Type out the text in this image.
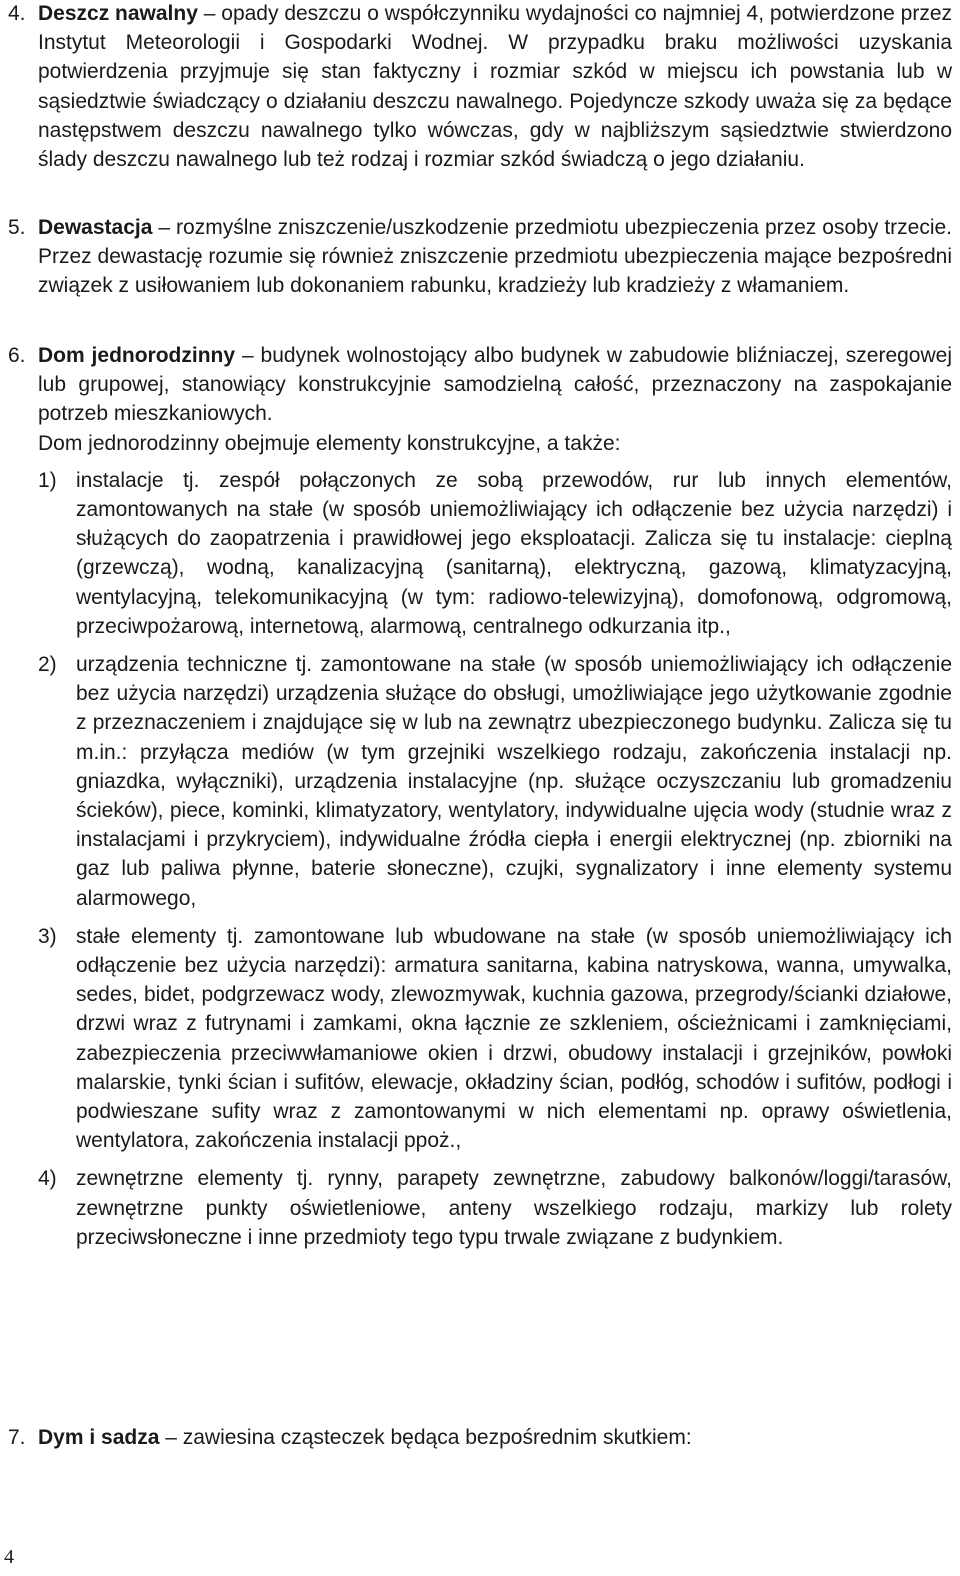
4. Deszcz nawalny – opady deszczu o współczynniku wydajności co najmniej 4, potwierdzone przez Instytut Meteorologii i Gospodarki Wodnej. W przypadku braku możliwości uzyskania potwierdzenia przyjmuje się stan faktyczny i rozmiar szkód w miejscu ich powstania lub w sąsiedztwie świadczący o działaniu deszczu nawalnego. Pojedyncze szkody uważa się za będące następstwem deszczu nawalnego tylko wówczas, gdy w najbliższym sąsiedztwie stwierdzono ślady deszczu nawalnego lub też rodzaj i rozmiar szkód świadczą o jego działaniu.
5. Dewastacja – rozmyślne zniszczenie/uszkodzenie przedmiotu ubezpieczenia przez osoby trzecie. Przez dewastację rozumie się również zniszczenie przedmiotu ubezpieczenia mające bezpośredni związek z usiłowaniem lub dokonaniem rabunku, kradzieży lub kradzieży z włamaniem.
6. Dom jednorodzinny – budynek wolnostojący albo budynek w zabudowie bliźniaczej, szeregowej lub grupowej, stanowiący konstrukcyjnie samodzielną całość, przeznaczony na zaspokajanie potrzeb mieszkaniowych.
Dom jednorodzinny obejmuje elementy konstrukcyjne, a także:
1) instalacje tj. zespół połączonych ze sobą przewodów, rur lub innych elementów, zamontowanych na stałe (w sposób uniemożliwiający ich odłączenie bez użycia narzędzi) i służących do zaopatrzenia i prawidłowej jego eksploatacji. Zalicza się tu instalacje: cieplną (grzewczą), wodną, kanalizacyjną (sanitarną), elektryczną, gazową, klimatyzacyjną, wentylacyjną, telekomunikacyjną (w tym: radiowo-telewizyjną), domofonową, odgromową, przeciwpożarową, internetową, alarmową, centralnego odkurzania itp.,
2) urządzenia techniczne tj. zamontowane na stałe (w sposób uniemożliwiający ich odłączenie bez użycia narzędzi) urządzenia służące do obsługi, umożliwiające jego użytkowanie zgodnie z przeznaczeniem i znajdujące się w lub na zewnątrz ubezpieczonego budynku. Zalicza się tu m.in.: przyłącza mediów (w tym grzejniki wszelkiego rodzaju, zakończenia instalacji np. gniazdka, wyłączniki), urządzenia instalacyjne (np. służące oczyszczaniu lub gromadzeniu ścieków), piece, kominki, klimatyzatory, wentylatory, indywidualne ujęcia wody (studnie wraz z instalacjami i przykryciem), indywidualne źródła ciepła i energii elektrycznej (np. zbiorniki na gaz lub paliwa płynne, baterie słoneczne), czujki, sygnalizatory i inne elementy systemu alarmowego,
3) stałe elementy tj. zamontowane lub wbudowane na stałe (w sposób uniemożliwiający ich odłączenie bez użycia narzędzi): armatura sanitarna, kabina natryskowa, wanna, umywalka, sedes, bidet, podgrzewacz wody, zlewozmywak, kuchnia gazowa, przegrody/ścianki działowe, drzwi wraz z futrynami i zamkami, okna łącznie ze szkleniem, ościeżnicami i zamknięciami, zabezpieczenia przeciwwłamaniowe okien i drzwi, obudowy instalacji i grzejników, powłoki malarskie, tynki ścian i sufitów, elewacje, okładziny ścian, podłóg, schodów i sufitów, podłogi i podwieszane sufity wraz z zamontowanymi w nich elementami np. oprawy oświetlenia, wentylatora, zakończenia instalacji ppoż.,
4) zewnętrzne elementy tj. rynny, parapety zewnętrzne, zabudowy balkonów/loggi/tarasów, zewnętrzne punkty oświetleniowe, anteny wszelkiego rodzaju, markizy lub rolety przeciwsłoneczne i inne przedmioty tego typu trwale związane z budynkiem.
7. Dym i sadza – zawiesina cząsteczek będąca bezpośrednim skutkiem:
4
